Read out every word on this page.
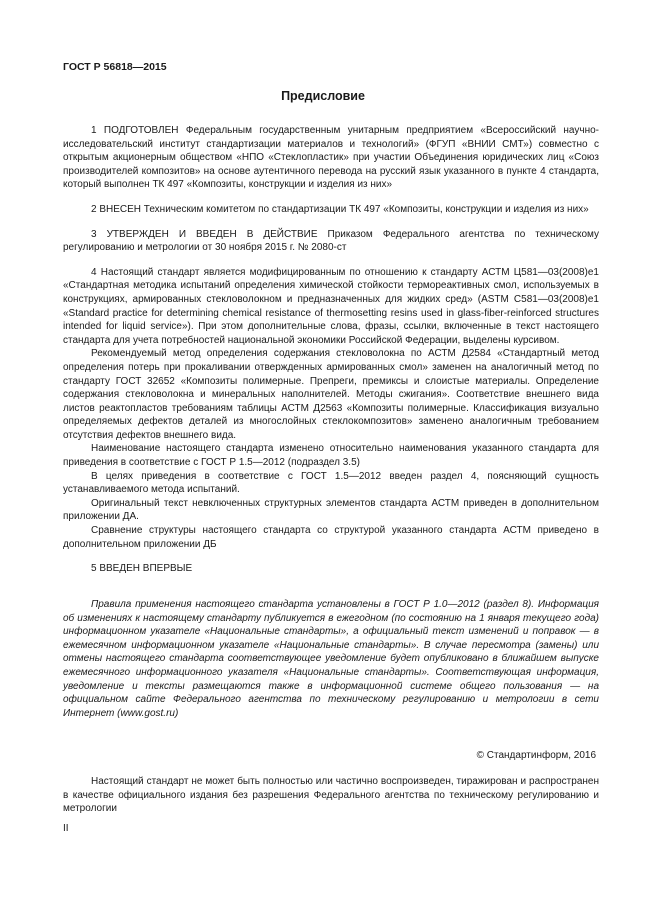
ГОСТ Р 56818—2015
Предисловие

1 ПОДГОТОВЛЕН Федеральным государственным унитарным предприятием «Всероссийский научно-исследовательский институт стандартизации материалов и технологий» (ФГУП «ВНИИ СМТ») совместно с открытым акционерным обществом «НПО «Стеклопластик» при участии Объединения юридических лиц «Союз производителей композитов» на основе аутентичного перевода на русский язык указанного в пункте 4 стандарта, который выполнен ТК 497 «Композиты, конструкции и изделия из них»

2 ВНЕСЕН Техническим комитетом по стандартизации ТК 497 «Композиты, конструкции и изделия из них»

3 УТВЕРЖДЕН И ВВЕДЕН В ДЕЙСТВИЕ Приказом Федерального агентства по техническому регулированию и метрологии от 30 ноября 2015 г. № 2080-ст

4 Настоящий стандарт является модифицированным по отношению к стандарту АСТМ Ц581—03(2008)е1 «Стандартная методика испытаний определения химической стойкости термореактивных смол, используемых в конструкциях, армированных стекловолокном и предназначенных для жидких сред» (ASTM C581—03(2008)e1 «Standard practice for determining chemical resistance of thermosetting resins used in glass-fiber-reinforced structures intended for liquid service»). При этом дополнительные слова, фразы, ссылки, включенные в текст настоящего стандарта для учета потребностей национальной экономики Российской Федерации, выделены курсивом.

Рекомендуемый метод определения содержания стекловолокна по АСТМ Д2584 «Стандартный метод определения потерь при прокаливании отвержденных армированных смол» заменен на аналогичный метод по стандарту ГОСТ 32652 «Композиты полимерные. Препреги, премиксы и слоистые материалы. Определение содержания стекловолокна и минеральных наполнителей. Методы сжигания». Соответствие внешнего вида листов реактопластов требованиям таблицы АСТМ Д2563 «Композиты полимерные. Классификация визуально определяемых дефектов деталей из многослойных стеклокомпозитов» заменено аналогичным требованием отсутствия дефектов внешнего вида.

Наименование настоящего стандарта изменено относительно наименования указанного стандарта для приведения в соответствие с ГОСТ Р 1.5—2012 (подраздел 3.5)

В целях приведения в соответствие с ГОСТ 1.5—2012 введен раздел 4, поясняющий сущность устанавливаемого метода испытаний.

Оригинальный текст невключенных структурных элементов стандарта АСТМ приведен в дополнительном приложении ДА.

Сравнение структуры настоящего стандарта со структурой указанного стандарта АСТМ приведено в дополнительном приложении ДБ

5 ВВЕДЕН ВПЕРВЫЕ

Правила применения настоящего стандарта установлены в ГОСТ Р 1.0—2012 (раздел 8). Информация об изменениях к настоящему стандарту публикуется в ежегодном (по состоянию на 1 января текущего года) информационном указателе «Национальные стандарты», а официальный текст изменений и поправок — в ежемесячном информационном указателе «Национальные стандарты». В случае пересмотра (замены) или отмены настоящего стандарта соответствующее уведомление будет опубликовано в ближайшем выпуске ежемесячного информационного указателя «Национальные стандарты». Соответствующая информация, уведомление и тексты размещаются также в информационной системе общего пользования — на официальном сайте Федерального агентства по техническому регулированию и метрологии в сети Интернет (www.gost.ru)

© Стандартинформ, 2016

Настоящий стандарт не может быть полностью или частично воспроизведен, тиражирован и распространен в качестве официального издания без разрешения Федерального агентства по техническому регулированию и метрологии

II
